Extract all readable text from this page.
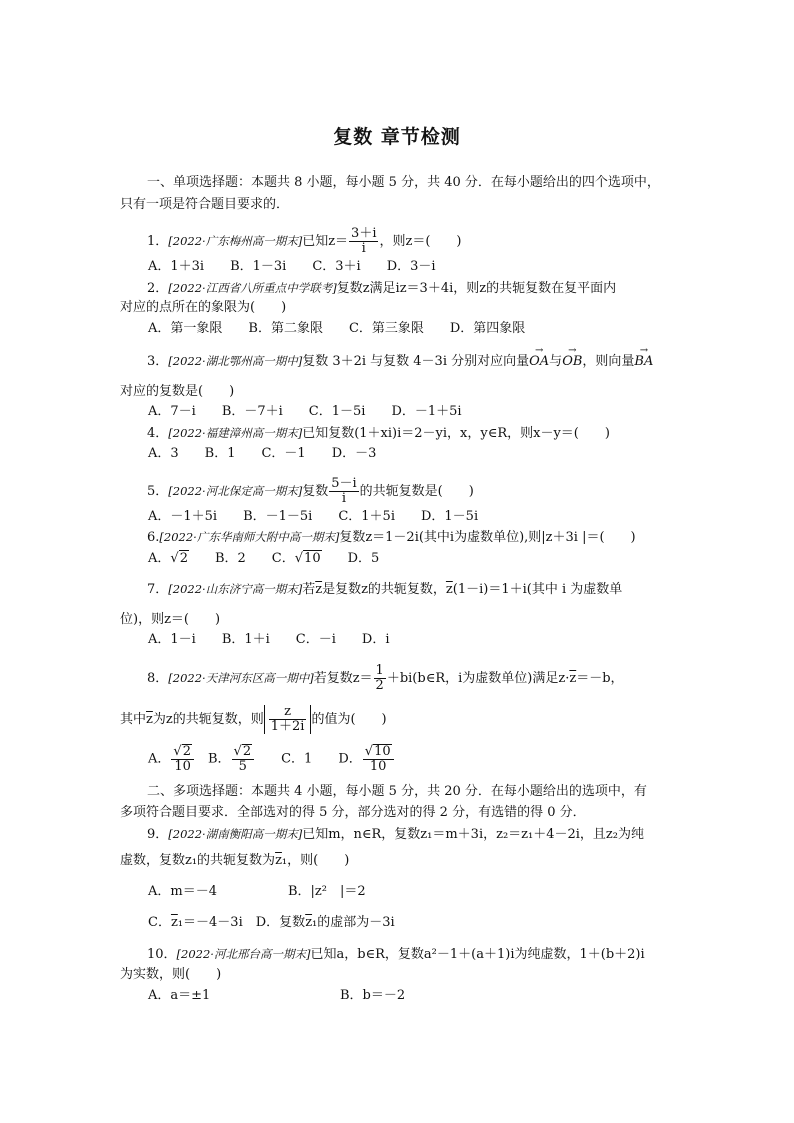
复数 章节检测
一、单项选择题：本题共 8 小题，每小题 5 分，共 40 分．在每小题给出的四个选项中，
只有一项是符合题目要求的．
1．[2022·广东梅州高一期末]已知$z= \frac{3+i}{i}$ ，则z＝(　　)
A．1＋3i　　B．1－3i　　C．3＋i　　D．3－i
2．[2022·江西省八所重点中学联考]复数z满足iz＝3＋4i，则z的共轭复数在复平面内
对应的点所在的象限为(　　)
A．第一象限　　B．第二象限　　C．第三象限　　D．第四象限
3．[2022·湖北鄂州高一期中]复数 3＋2i 与复数 4－3i 分别对应向量→ OA与→ OB，则向量→ BA
对应的复数是(　　)
A．7－i　　B．－7＋i　　C．1－5i　　D．－1＋5i
4．[2022·福建漳州高一期末]已知复数(1＋xi)i＝2－yi，x，y∈R，则x－y＝(　　)
A．3　　B．1　　C．－1　　D．－3
5．[2022·河北保定高一期末]复数 $\frac{5-i}{i}$ 的共轭复数是(　　)
A．－1＋5i　　B．－1－5i　　C．1＋5i　　D．1－5i
6.[2022·广东华南师大附中高一期末]复数z＝1－2i(其中i为虚数单位),则|z＋3i |＝(　　)
A．√2　　B．2　　C．√10　　D．5
7．[2022·山东济宁高一期末]若$\overline{z}$是复数z的共轭复数，$\overline{z}(1-i)=1+i$(其中 i 为虚数单
位)，则z＝(　　)
A．1－i　　B．1＋i　　C．－i　　D．i
8．[2022·天津河东区高一期中]若复数$z= \frac{1}{2}$ ＋bi(b∈R，i为虚数单位)满足$z\cdot\overline{z}=-b$，
其中$\overline{z}$为z的共轭复数，则 $\frac{z}{1+2i}$ 的值为(　　)
A． $\frac{√2}{10}$ 　B． $\frac{√2}{5}$ 　　C．1　　D． $\frac{√10}{10}$
二、多项选择题：本题共 4 小题，每小题 5 分，共 20 分．在每小题给出的选项中，有
多项符合题目要求．全部选对的得 5 分，部分选对的得 2 分，有选错的得 0 分．
9．[2022·湖南衡阳高一期末]已知m，n∈R，复数z₁＝m＋3i，z₂＝z₁＋4－2i，且z₂为纯
虚数，复数z₁的共轭复数为$\overline{z}_1$，则(　　)
A．m＝－4	B．|z²　|＝2
C．$\overline{z}_1=-4-3i$　 D．复数$\overline{z}_1$的虚部为－3i
10．[2022·河北邢台高一期末]已知a，b∈R，复数a²－1＋(a＋1)i为纯虚数，1＋(b＋2)i
为实数，则(　　)
A．a＝±1	B．b＝－2
